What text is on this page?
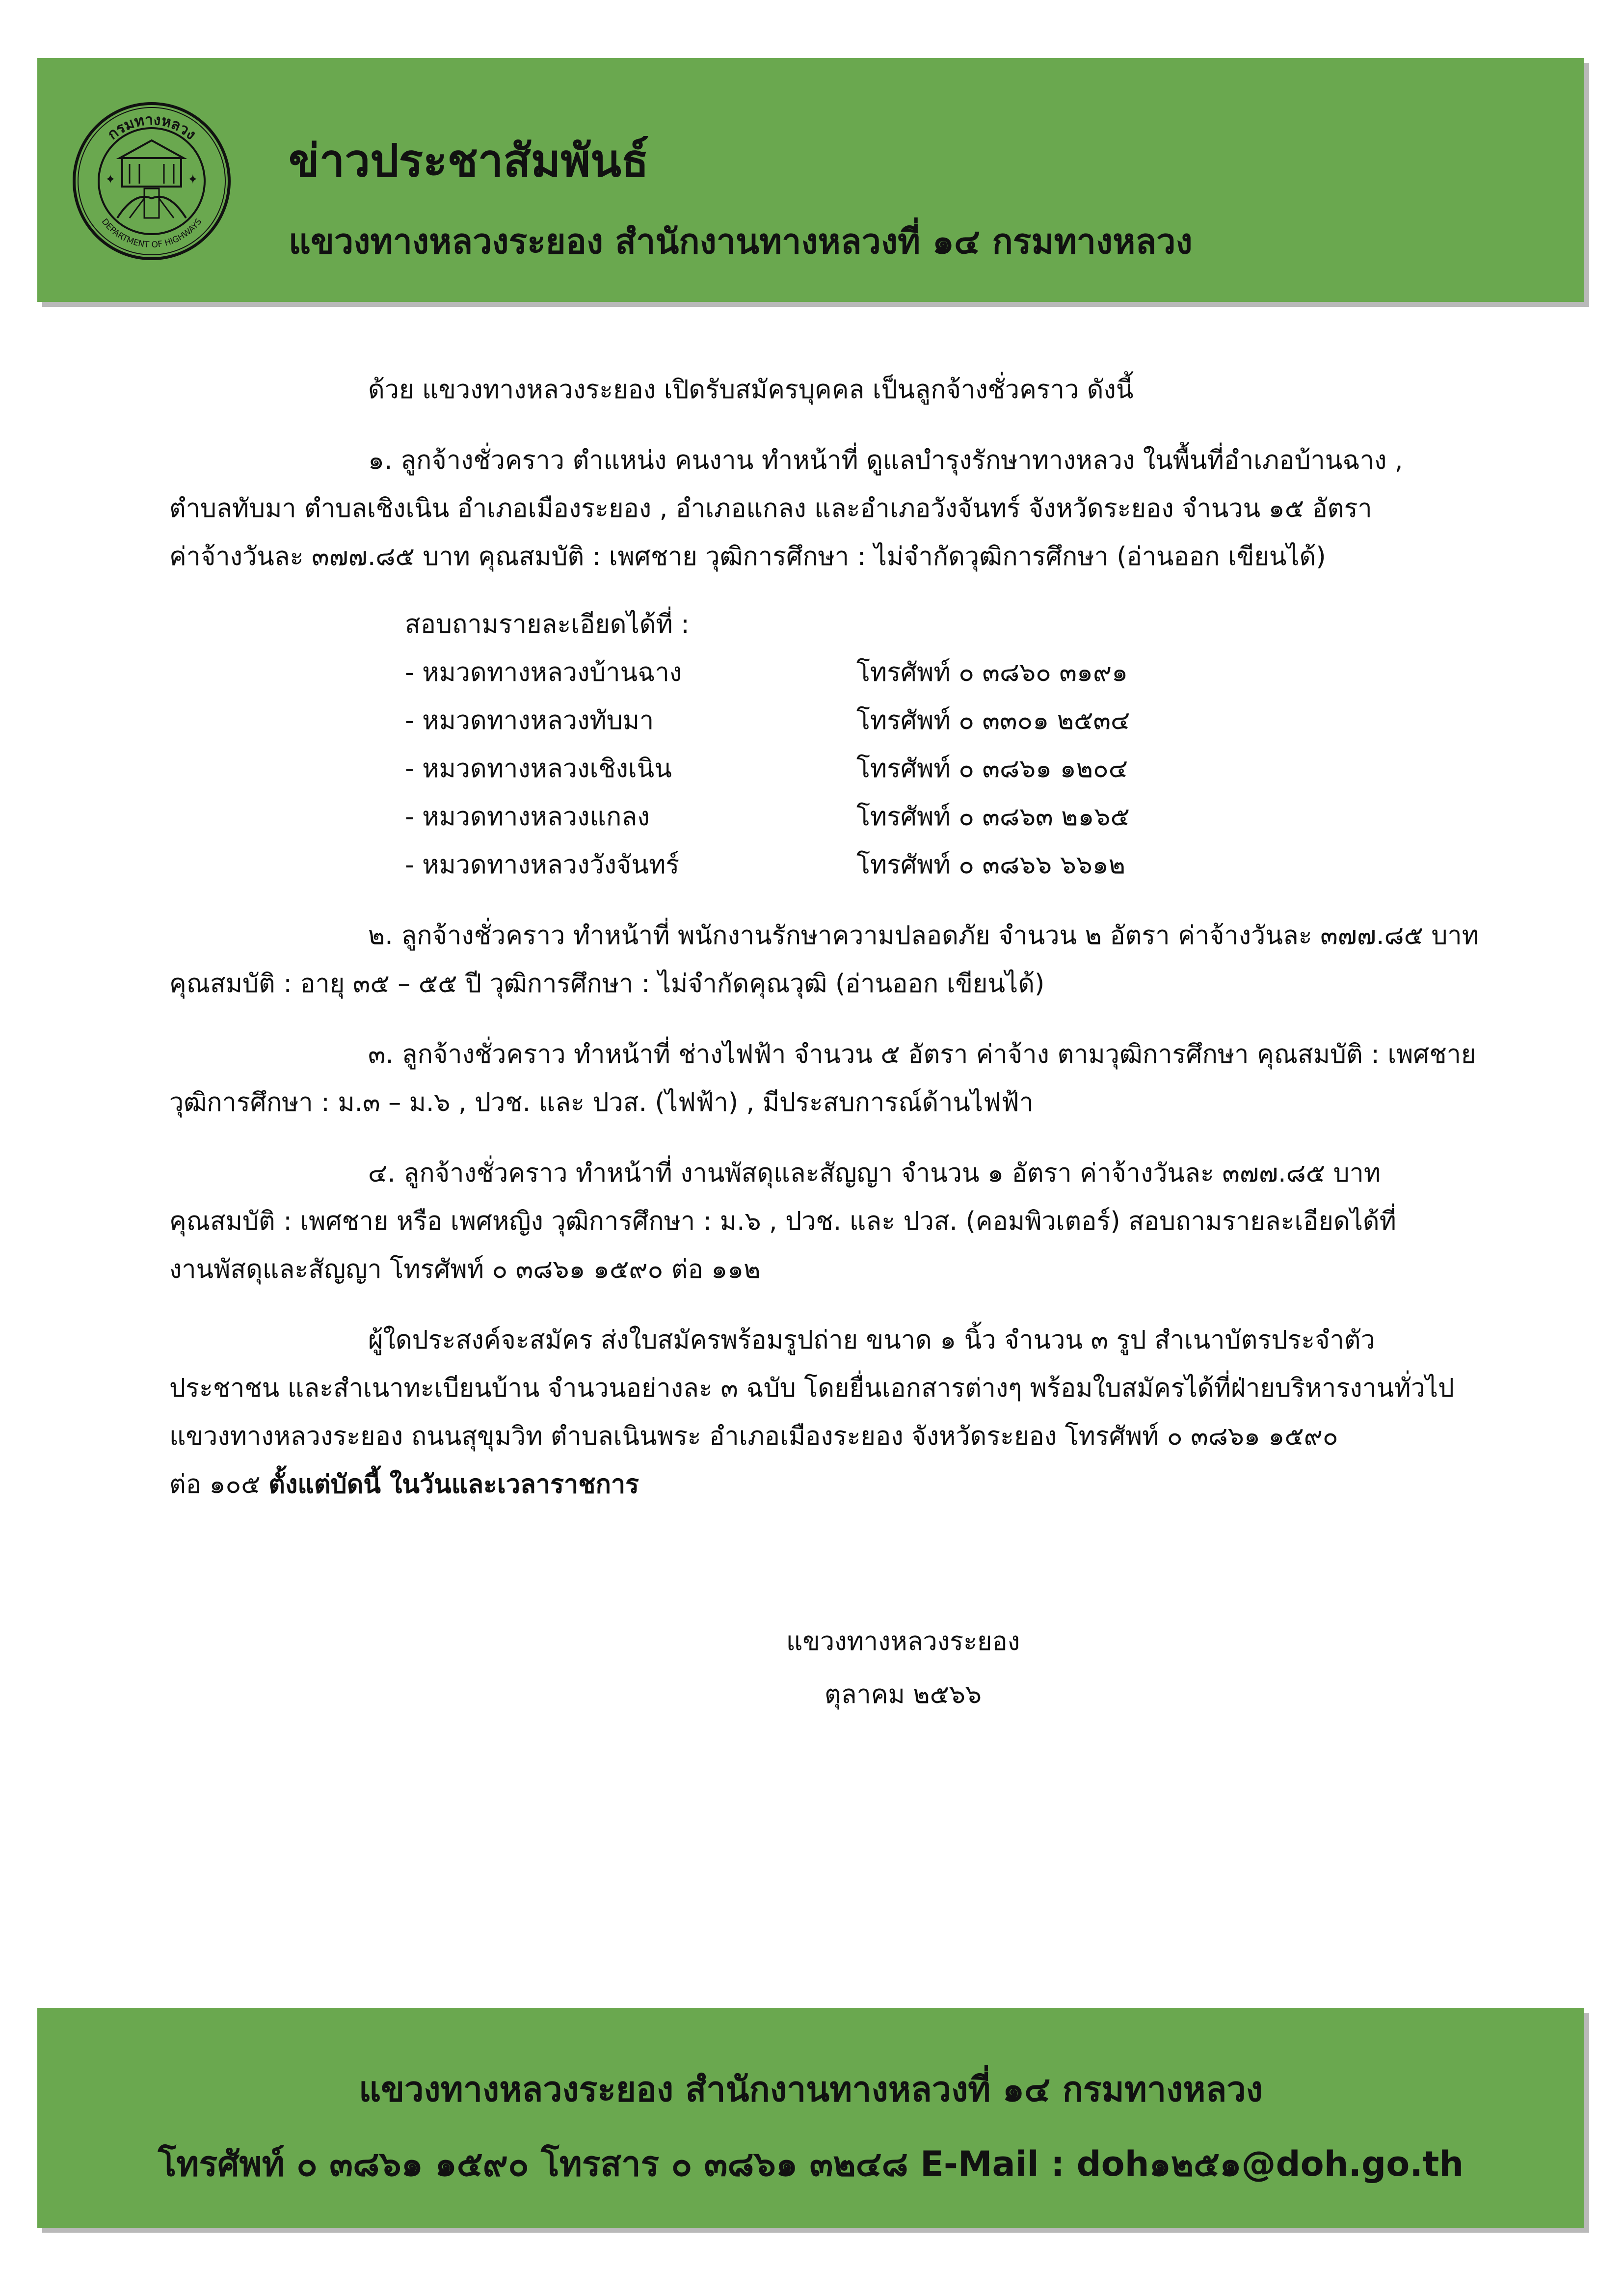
กรมทางหลวง
DEPARTMENT OF HIGHWAYS
✦	✦ ข่าวประชาสัมพันธ์
แขวงทางหลวงระยอง สำนักงานทางหลวงที่ ๑๔ กรมทางหลวง

ด้วย แขวงทางหลวงระยอง เปิดรับสมัครบุคคล เป็นลูกจ้างชั่วคราว ดังนี้

๑. ลูกจ้างชั่วคราว ตำแหน่ง คนงาน ทำหน้าที่ ดูแลบำรุงรักษาทางหลวง ในพื้นที่อำเภอบ้านฉาง ,

ตำบลทับมา ตำบลเชิงเนิน อำเภอเมืองระยอง , อำเภอแกลง และอำเภอวังจันทร์ จังหวัดระยอง จำนวน ๑๕ อัตรา

ค่าจ้างวันละ ๓๗๗.๘๕ บาท คุณสมบัติ : เพศชาย วุฒิการศึกษา : ไม่จำกัดวุฒิการศึกษา (อ่านออก เขียนได้)

สอบถามรายละเอียดได้ที่ :
- หมวดทางหลวงบ้านฉาง	โทรศัพท์ ๐ ๓๘๖๐ ๓๑๙๑
- หมวดทางหลวงทับมา	โทรศัพท์ ๐ ๓๓๐๑ ๒๕๓๔
- หมวดทางหลวงเชิงเนิน	โทรศัพท์ ๐ ๓๘๖๑ ๑๒๐๔
- หมวดทางหลวงแกลง	โทรศัพท์ ๐ ๓๘๖๓ ๒๑๖๕
- หมวดทางหลวงวังจันทร์	โทรศัพท์ ๐ ๓๘๖๖ ๖๖๑๒

๒. ลูกจ้างชั่วคราว ทำหน้าที่ พนักงานรักษาความปลอดภัย จำนวน ๒ อัตรา ค่าจ้างวันละ ๓๗๗.๘๕ บาท

คุณสมบัติ : อายุ ๓๕ – ๕๕ ปี วุฒิการศึกษา : ไม่จำกัดคุณวุฒิ (อ่านออก เขียนได้)

๓. ลูกจ้างชั่วคราว ทำหน้าที่ ช่างไฟฟ้า จำนวน ๕ อัตรา ค่าจ้าง ตามวุฒิการศึกษา คุณสมบัติ : เพศชาย

วุฒิการศึกษา : ม.๓ – ม.๖ , ปวช. และ ปวส. (ไฟฟ้า) , มีประสบการณ์ด้านไฟฟ้า

๔. ลูกจ้างชั่วคราว ทำหน้าที่ งานพัสดุและสัญญา จำนวน ๑ อัตรา ค่าจ้างวันละ ๓๗๗.๘๕ บาท

คุณสมบัติ : เพศชาย หรือ เพศหญิง วุฒิการศึกษา : ม.๖ , ปวช. และ ปวส. (คอมพิวเตอร์) สอบถามรายละเอียดได้ที่

งานพัสดุและสัญญา โทรศัพท์ ๐ ๓๘๖๑ ๑๕๙๐ ต่อ ๑๑๒

ผู้ใดประสงค์จะสมัคร ส่งใบสมัครพร้อมรูปถ่าย ขนาด ๑ นิ้ว จำนวน ๓ รูป สำเนาบัตรประจำตัว

ประชาชน และสำเนาทะเบียนบ้าน จำนวนอย่างละ ๓ ฉบับ โดยยื่นเอกสารต่างๆ พร้อมใบสมัครได้ที่ฝ่ายบริหารงานทั่วไป

แขวงทางหลวงระยอง ถนนสุขุมวิท ตำบลเนินพระ อำเภอเมืองระยอง จังหวัดระยอง โทรศัพท์ ๐ ๓๘๖๑ ๑๕๙๐

ต่อ ๑๐๕ ตั้งแต่บัดนี้ ในวันและเวลาราชการ

แขวงทางหลวงระยอง
ตุลาคม ๒๕๖๖
แขวงทางหลวงระยอง สำนักงานทางหลวงที่ ๑๔ กรมทางหลวง
โทรศัพท์ ๐ ๓๘๖๑ ๑๕๙๐ โทรสาร ๐ ๓๘๖๑ ๓๒๔๘ E-Mail : doh๑๒๕๑@doh.go.th
